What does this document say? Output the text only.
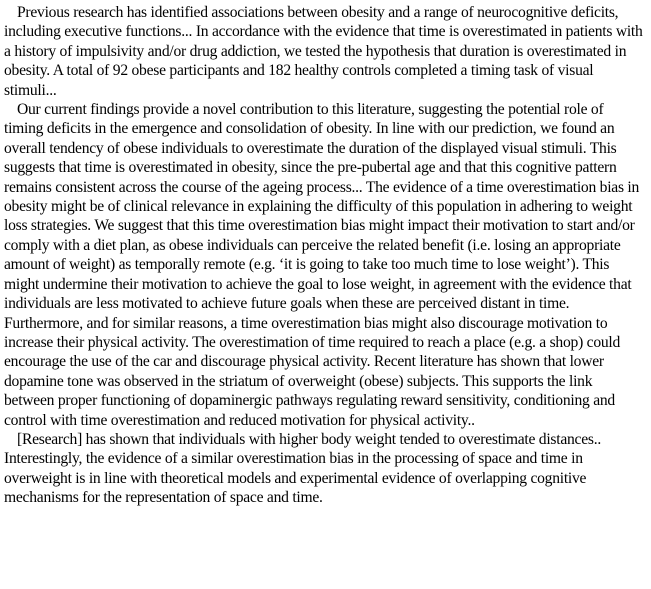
Previous research has identified associations between obesity and a range of neurocognitive deficits, including executive functions... In accordance with the evidence that time is overestimated in patients with a history of impulsivity and/or drug addiction, we tested the hypothesis that duration is overestimated in obesity. A total of 92 obese participants and 182 healthy controls completed a timing task of visual stimuli...

Our current findings provide a novel contribution to this literature, suggesting the potential role of timing deficits in the emergence and consolidation of obesity. In line with our prediction, we found an overall tendency of obese individuals to overestimate the duration of the displayed visual stimuli. This suggests that time is overestimated in obesity, since the pre-pubertal age and that this cognitive pattern remains consistent across the course of the ageing process... The evidence of a time overestimation bias in obesity might be of clinical relevance in explaining the difficulty of this population in adhering to weight loss strategies. We suggest that this time overestimation bias might impact their motivation to start and/or comply with a diet plan, as obese individuals can perceive the related benefit (i.e. losing an appropriate amount of weight) as temporally remote (e.g. ‘it is going to take too much time to lose weight’). This might undermine their motivation to achieve the goal to lose weight, in agreement with the evidence that individuals are less motivated to achieve future goals when these are perceived distant in time. Furthermore, and for similar reasons, a time overestimation bias might also discourage motivation to increase their physical activity. The overestimation of time required to reach a place (e.g. a shop) could encourage the use of the car and discourage physical activity. Recent literature has shown that lower dopamine tone was observed in the striatum of overweight (obese) subjects. This supports the link between proper functioning of dopaminergic pathways regulating reward sensitivity, conditioning and control with time overestimation and reduced motivation for physical activity..

[Research] has shown that individuals with higher body weight tended to overestimate distances.. Interestingly, the evidence of a similar overestimation bias in the processing of space and time in overweight is in line with theoretical models and experimental evidence of overlapping cognitive mechanisms for the representation of space and time.
